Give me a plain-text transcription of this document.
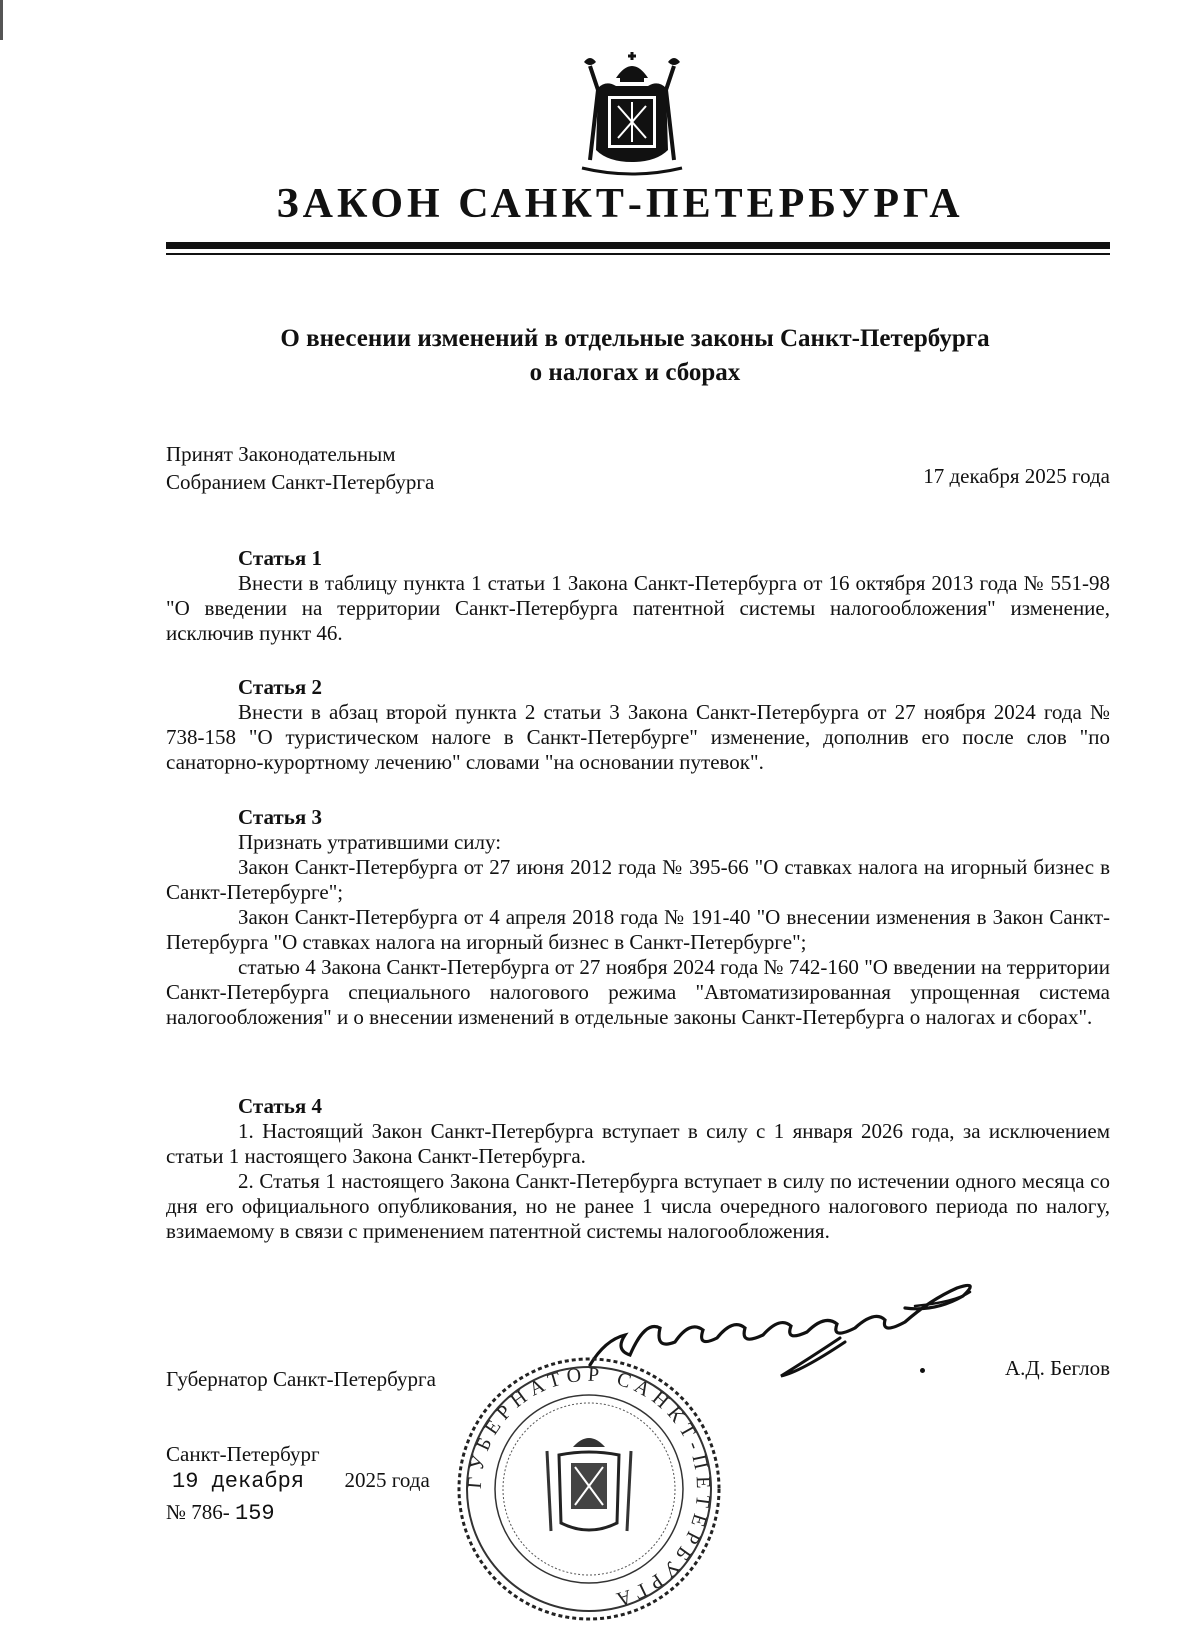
ЗАКОН САНКТ-ПЕТЕРБУРГА
О внесении изменений в отдельные законы Санкт-Петербурга
о налогах и сборах
Принят Законодательным
Собранием Санкт-Петербурга	17 декабря 2025 года
Статья 1

Внести в таблицу пункта 1 статьи 1 Закона Санкт-Петербурга от 16 октября 2013 года № 551-98 "О введении на территории Санкт-Петербурга патентной системы налогообложения" изменение, исключив пункт 46.

Статья 2

Внести в абзац второй пункта 2 статьи 3 Закона Санкт-Петербурга от 27 ноября 2024 года № 738-158 "О туристическом налоге в Санкт-Петербурге" изменение, дополнив его после слов "по санаторно-курортному лечению" словами "на основании путевок".

Статья 3

Признать утратившими силу:

Закон Санкт-Петербурга от 27 июня 2012 года № 395-66 "О ставках налога на игорный бизнес в Санкт-Петербурге";

Закон Санкт-Петербурга от 4 апреля 2018 года № 191-40 "О внесении изменения в Закон Санкт-Петербурга "О ставках налога на игорный бизнес в Санкт-Петербурге";

статью 4 Закона Санкт-Петербурга от 27 ноября 2024 года № 742-160 "О введении на территории Санкт-Петербурга специального налогового режима "Автоматизированная упрощенная система налогообложения" и о внесении изменений в отдельные законы Санкт-Петербурга о налогах и сборах".

Статья 4

1. Настоящий Закон Санкт-Петербурга вступает в силу с 1 января 2026 года, за исключением статьи 1 настоящего Закона Санкт-Петербурга.

2. Статья 1 настоящего Закона Санкт-Петербурга вступает в силу по истечении одного месяца со дня его официального опубликования, но не ранее 1 числа очередного налогового периода по налогу, взимаемому в связи с применением патентной системы налогообложения.

Губернатор Санкт-Петербурга	А.Д. Беглов
Санкт-Петербург
19 декабря 2025 года
№ 786- 159
ГУБЕРНАТОР САНКТ-ПЕТЕРБУРГА
